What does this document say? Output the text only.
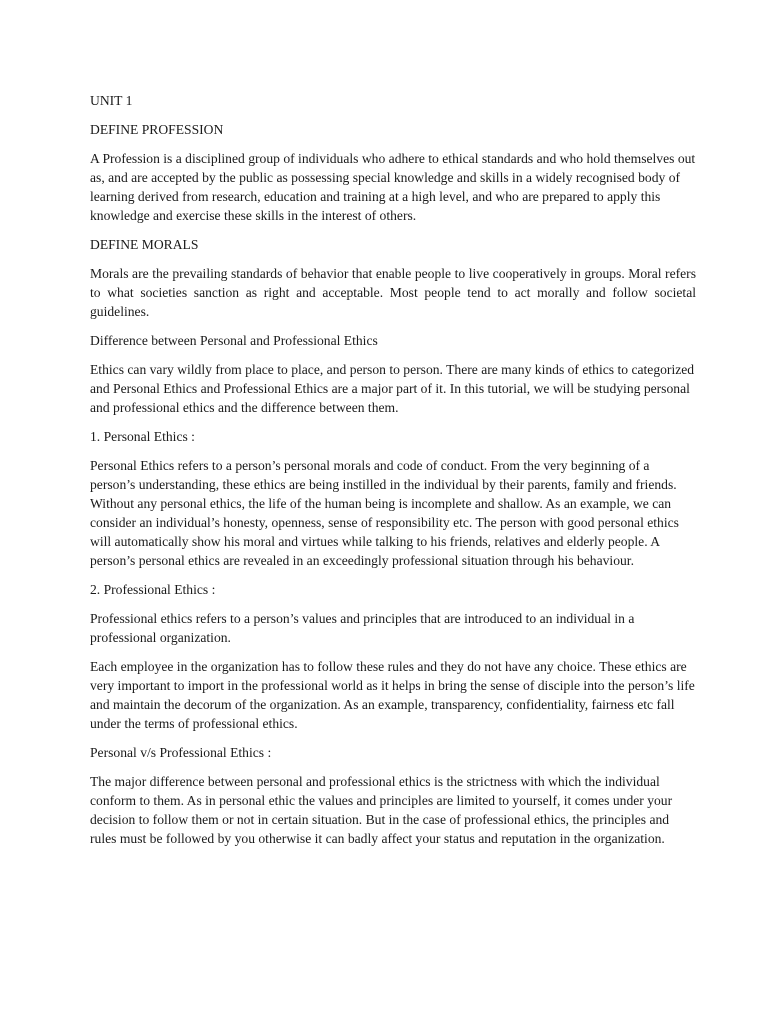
UNIT 1

DEFINE PROFESSION

A Profession is a disciplined group of individuals who adhere to ethical standards and who hold themselves out as, and are accepted by the public as possessing special knowledge and skills in a widely recognised body of learning derived from research, education and training at a high level, and who are prepared to apply this knowledge and exercise these skills in the interest of others.

DEFINE MORALS

Morals are the prevailing standards of behavior that enable people to live cooperatively in groups. Moral refers to what societies sanction as right and acceptable. Most people tend to act morally and follow societal guidelines.

Difference between Personal and Professional Ethics

Ethics can vary wildly from place to place, and person to person. There are many kinds of ethics to categorized and Personal Ethics and Professional Ethics are a major part of it. In this tutorial, we will be studying personal and professional ethics and the difference between them.

1. Personal Ethics :

Personal Ethics refers to a person’s personal morals and code of conduct. From the very beginning of a person’s understanding, these ethics are being instilled in the individual by their parents, family and friends. Without any personal ethics, the life of the human being is incomplete and shallow. As an example, we can consider an individual’s honesty, openness, sense of responsibility etc. The person with good personal ethics will automatically show his moral and virtues while talking to his friends, relatives and elderly people. A person’s personal ethics are revealed in an exceedingly professional situation through his behaviour.

2. Professional Ethics :

Professional ethics refers to a person’s values and principles that are introduced to an individual in a professional organization.

Each employee in the organization has to follow these rules and they do not have any choice. These ethics are very important to import in the professional world as it helps in bring the sense of disciple into the person’s life and maintain the decorum of the organization. As an example, transparency, confidentiality, fairness etc fall under the terms of professional ethics.

Personal v/s Professional Ethics :

The major difference between personal and professional ethics is the strictness with which the individual conform to them. As in personal ethic the values and principles are limited to yourself, it comes under your decision to follow them or not in certain situation. But in the case of professional ethics, the principles and rules must be followed by you otherwise it can badly affect your status and reputation in the organization.
